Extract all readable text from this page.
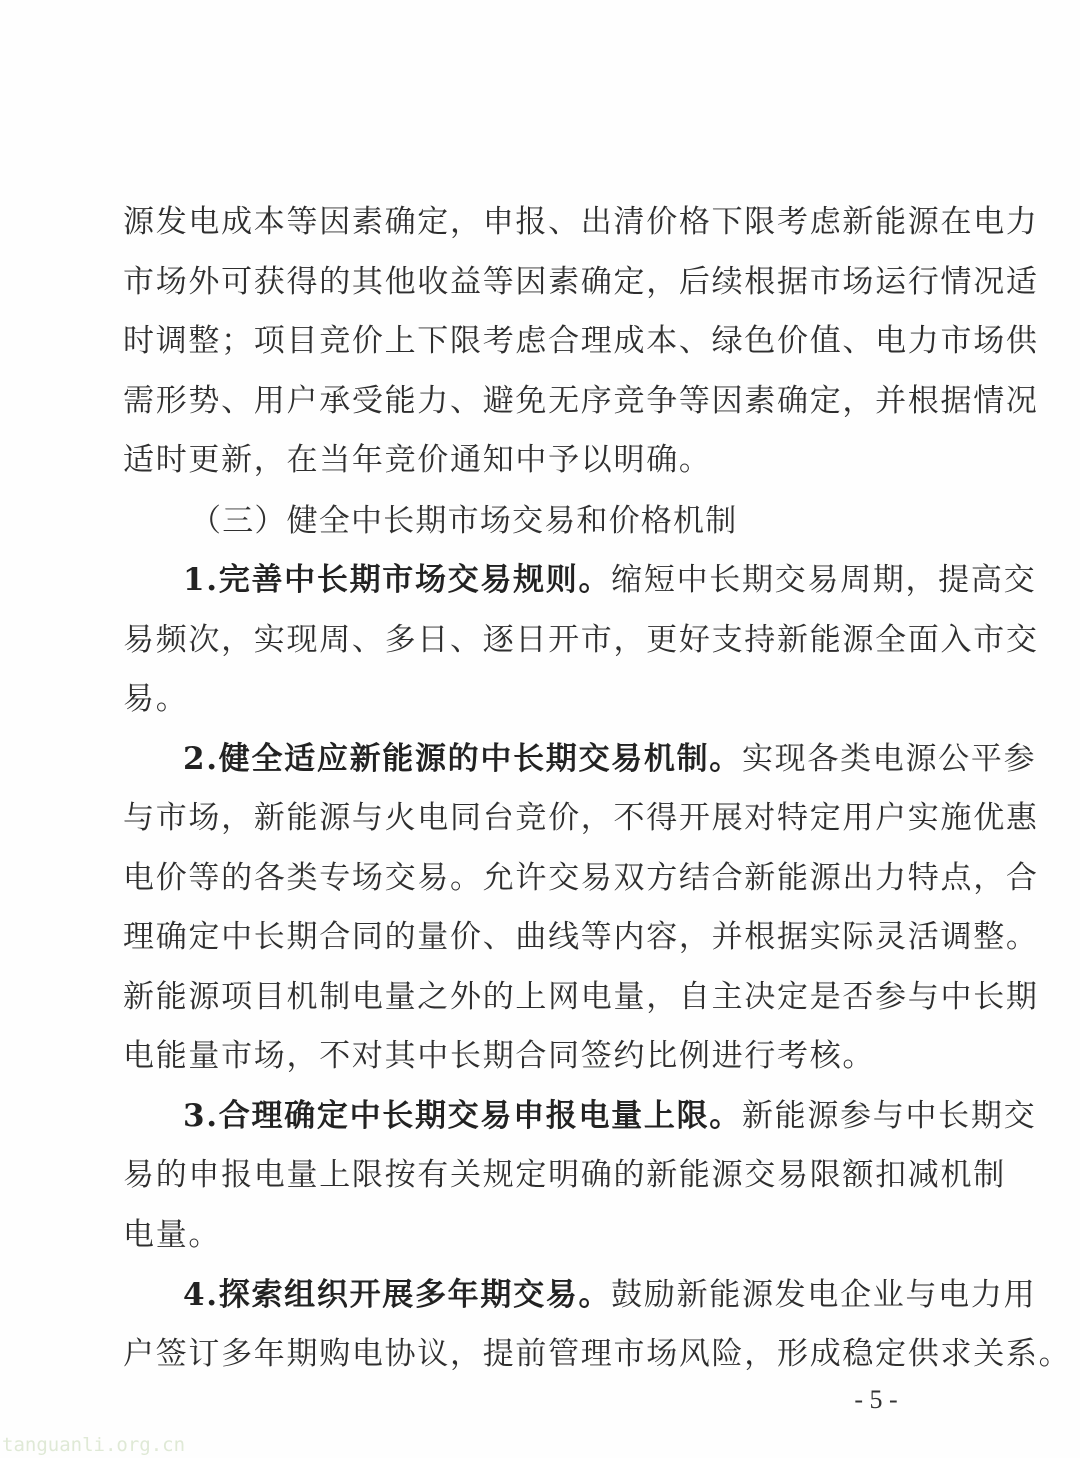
源发电成本等因素确定，申报、出清价格下限考虑新能源在电力
市场外可获得的其他收益等因素确定，后续根据市场运行情况适
时调整；项目竞价上下限考虑合理成本、绿色价值、电力市场供
需形势、用户承受能力、避免无序竞争等因素确定，并根据情况
适时更新，在当年竞价通知中予以明确。
（三）健全中长期市场交易和价格机制
1.完善中长期市场交易规则。缩短中长期交易周期，提高交
易频次，实现周、多日、逐日开市，更好支持新能源全面入市交
易。
2.健全适应新能源的中长期交易机制。实现各类电源公平参
与市场，新能源与火电同台竞价，不得开展对特定用户实施优惠
电价等的各类专场交易。允许交易双方结合新能源出力特点，合
理确定中长期合同的量价、曲线等内容，并根据实际灵活调整。
新能源项目机制电量之外的上网电量，自主决定是否参与中长期
电能量市场，不对其中长期合同签约比例进行考核。
3.合理确定中长期交易申报电量上限。新能源参与中长期交
易的申报电量上限按有关规定明确的新能源交易限额扣减机制
电量。
4.探索组织开展多年期交易。鼓励新能源发电企业与电力用
户签订多年期购电协议，提前管理市场风险，形成稳定供求关系。
- 5 -
tanguanli.org.cn
